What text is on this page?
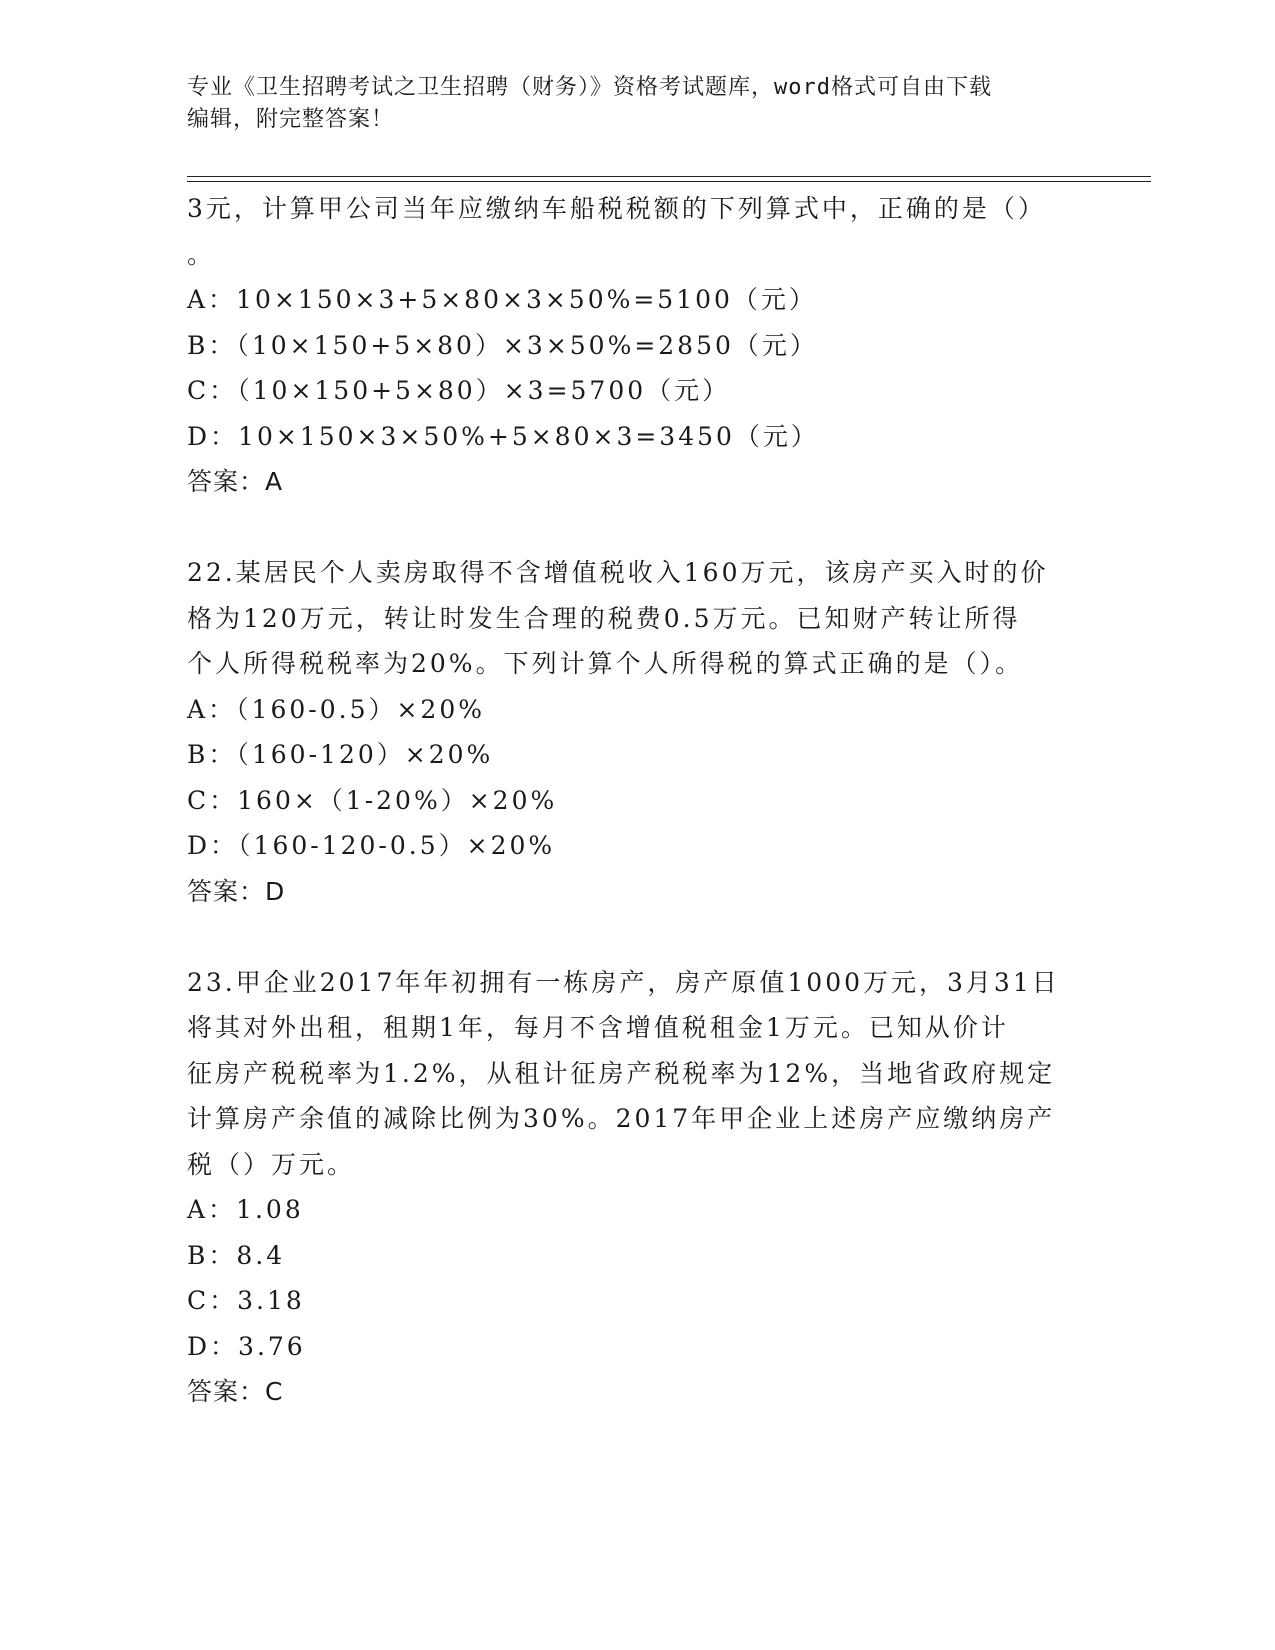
专业《卫生招聘考试之卫生招聘（财务）》资格考试题库，word格式可自由下载
编辑，附完整答案！
3元，计算甲公司当年应缴纳车船税税额的下列算式中，正确的是（）
。
A：10×150×3+5×80×3×50%=5100（元）
B：（10×150+5×80）×3×50%=2850（元）
C：（10×150+5×80）×3=5700（元）
D：10×150×3×50%+5×80×3=3450（元）
答案：A
22.某居民个人卖房取得不含增值税收入160万元，该房产买入时的价
格为120万元，转让时发生合理的税费0.5万元。已知财产转让所得
个人所得税税率为20%。下列计算个人所得税的算式正确的是（）。
A：（160-0.5）×20%
B：（160-120）×20%
C：160×（1-20%）×20%
D：（160-120-0.5）×20%
答案：D
23.甲企业2017年年初拥有一栋房产，房产原值1000万元，3月31日
将其对外出租，租期1年，每月不含增值税租金1万元。已知从价计
征房产税税率为1.2%，从租计征房产税税率为12%，当地省政府规定
计算房产余值的减除比例为30%。2017年甲企业上述房产应缴纳房产
税（）万元。
A：1.08
B：8.4
C：3.18
D：3.76
答案：C
